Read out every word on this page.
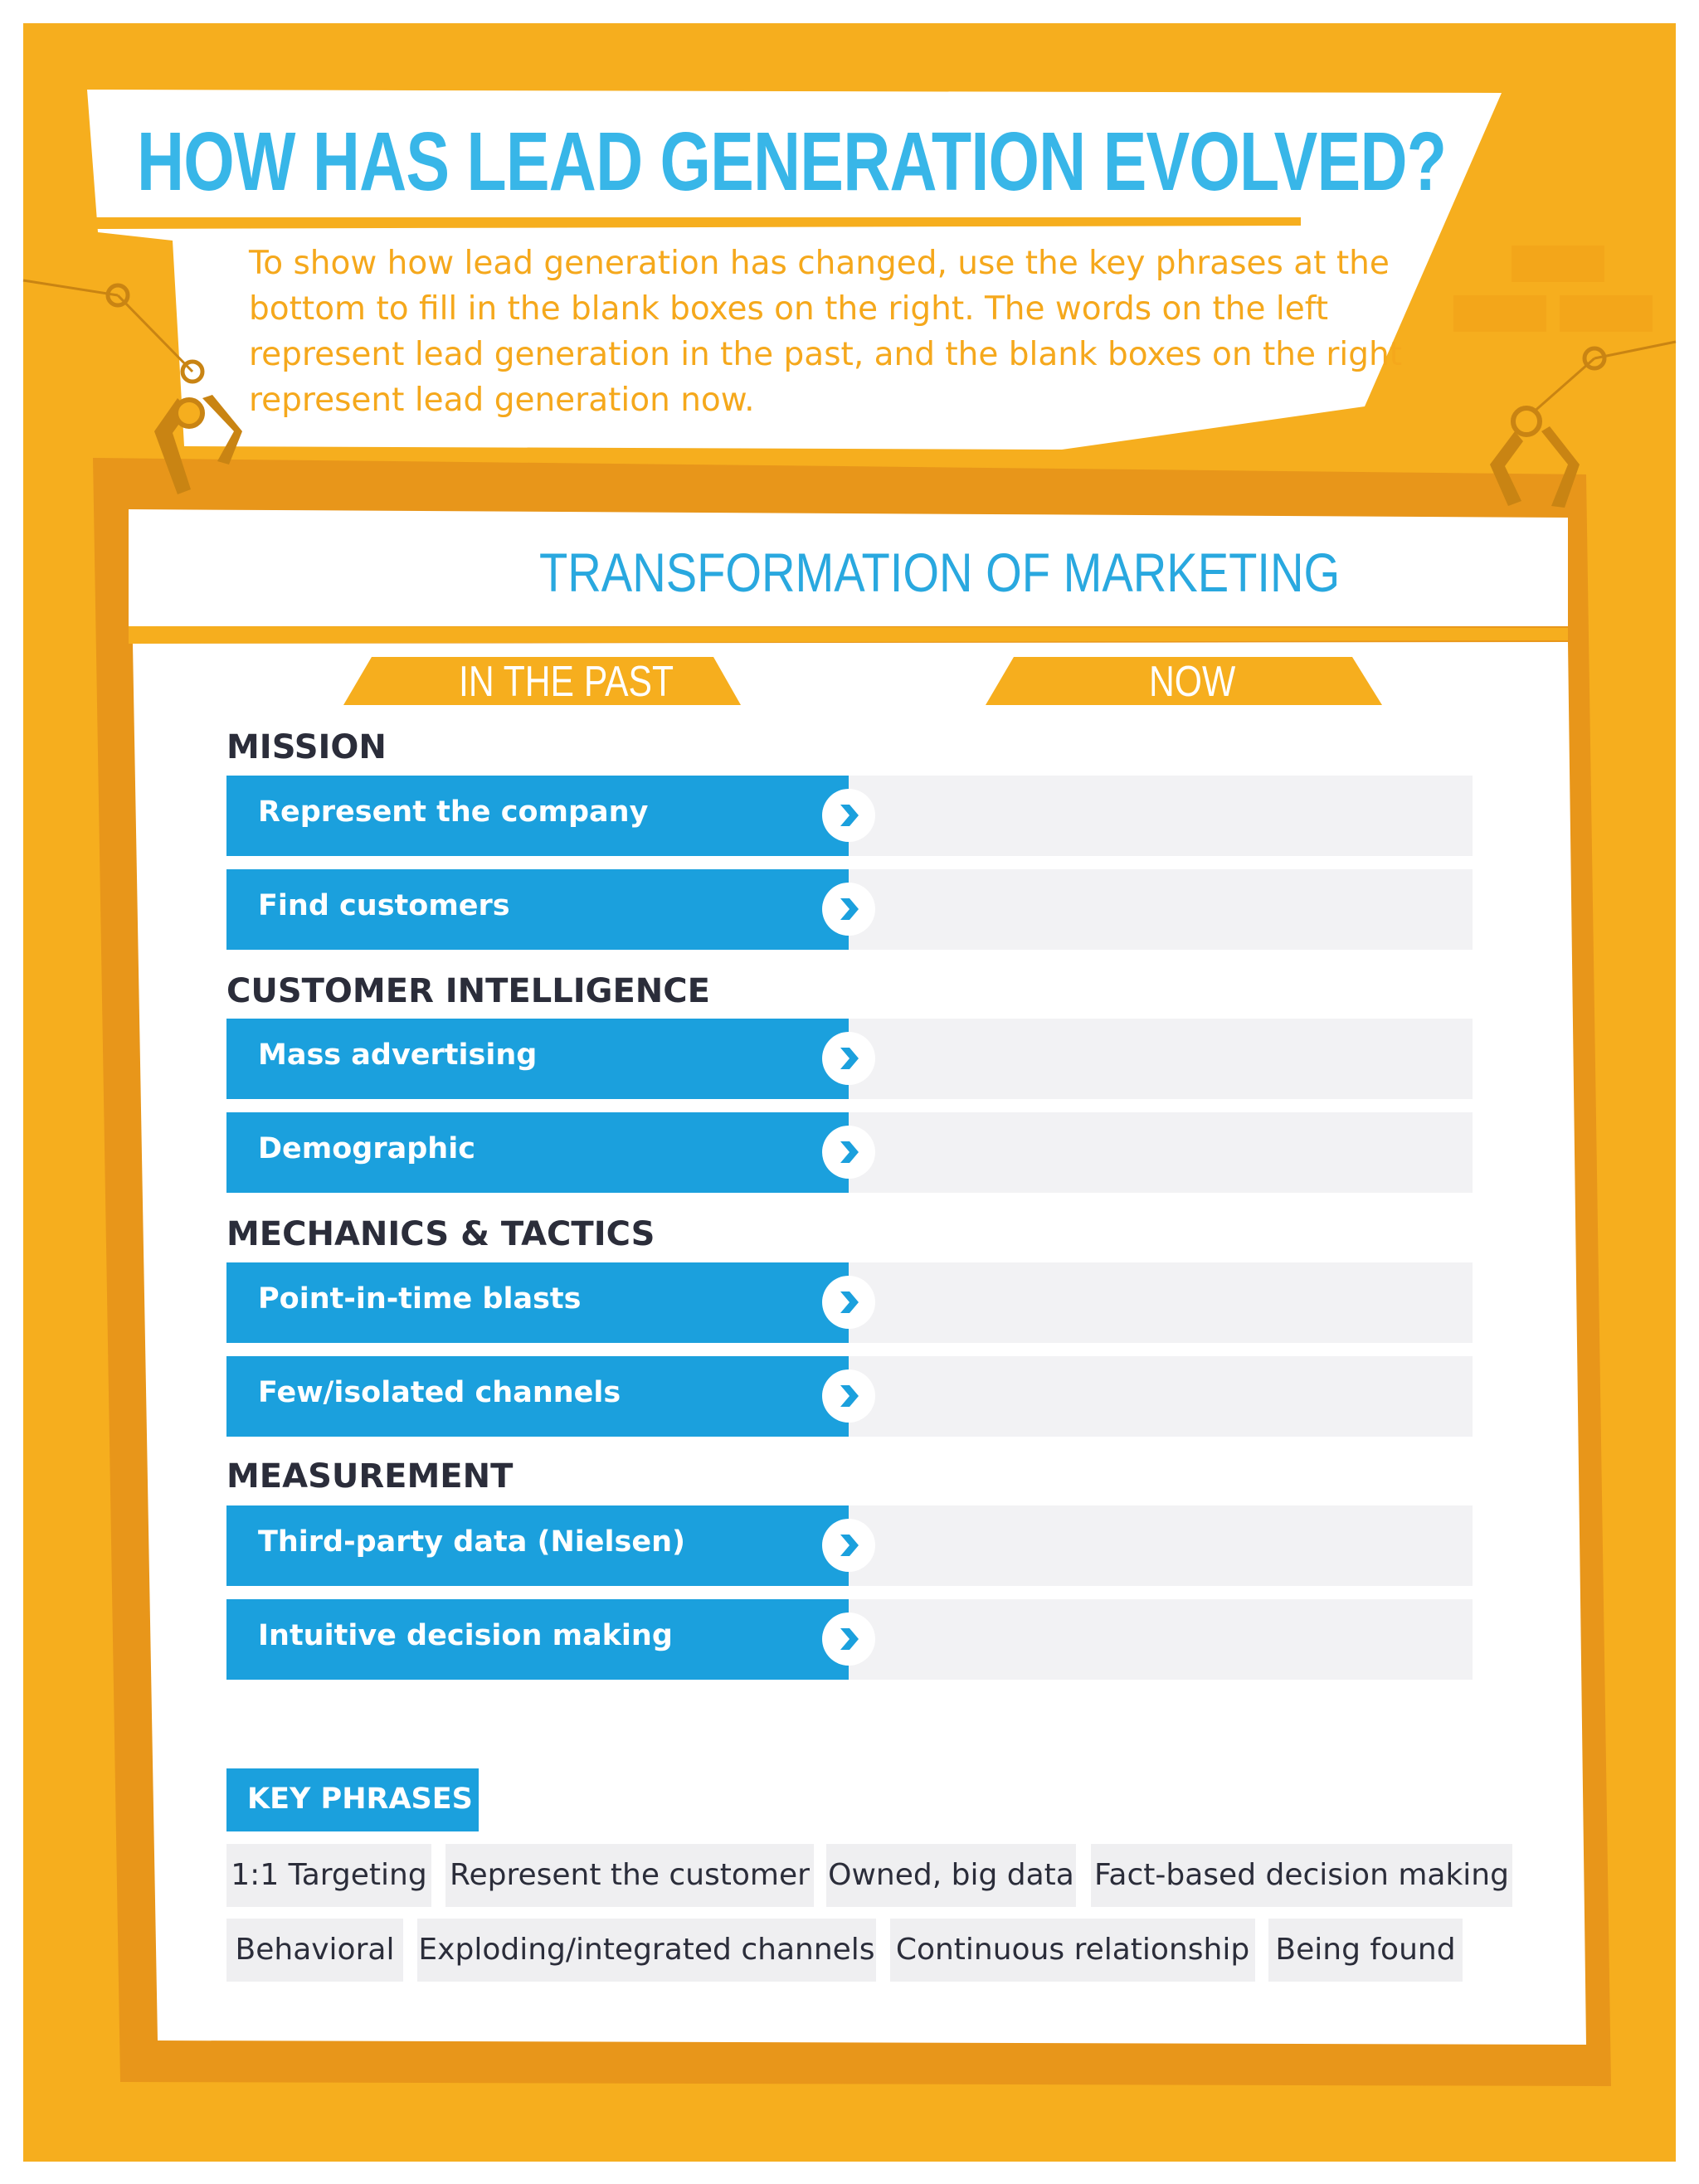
HOW HAS LEAD GENERATION EVOLVED?

To show how lead generation has changed, use the key phrases at the bottom to fill in the blank boxes on the right. The words on the left represent lead generation in the past, and the blank boxes on the right represent lead generation now.

TRANSFORMATION OF MARKETING
IN THE PAST	NOW
MISSION
Represent the company
Find customers
CUSTOMER INTELLIGENCE
Mass advertising
Demographic
MECHANICS & TACTICS
Point-in-time blasts
Few/isolated channels
MEASUREMENT
Third-party data (Nielsen)
Intuitive decision making
KEY PHRASES
1:1 Targeting Represent the customer Owned, big data Fact-based decision making
Behavioral Exploding/integrated channels Continuous relationship Being found
